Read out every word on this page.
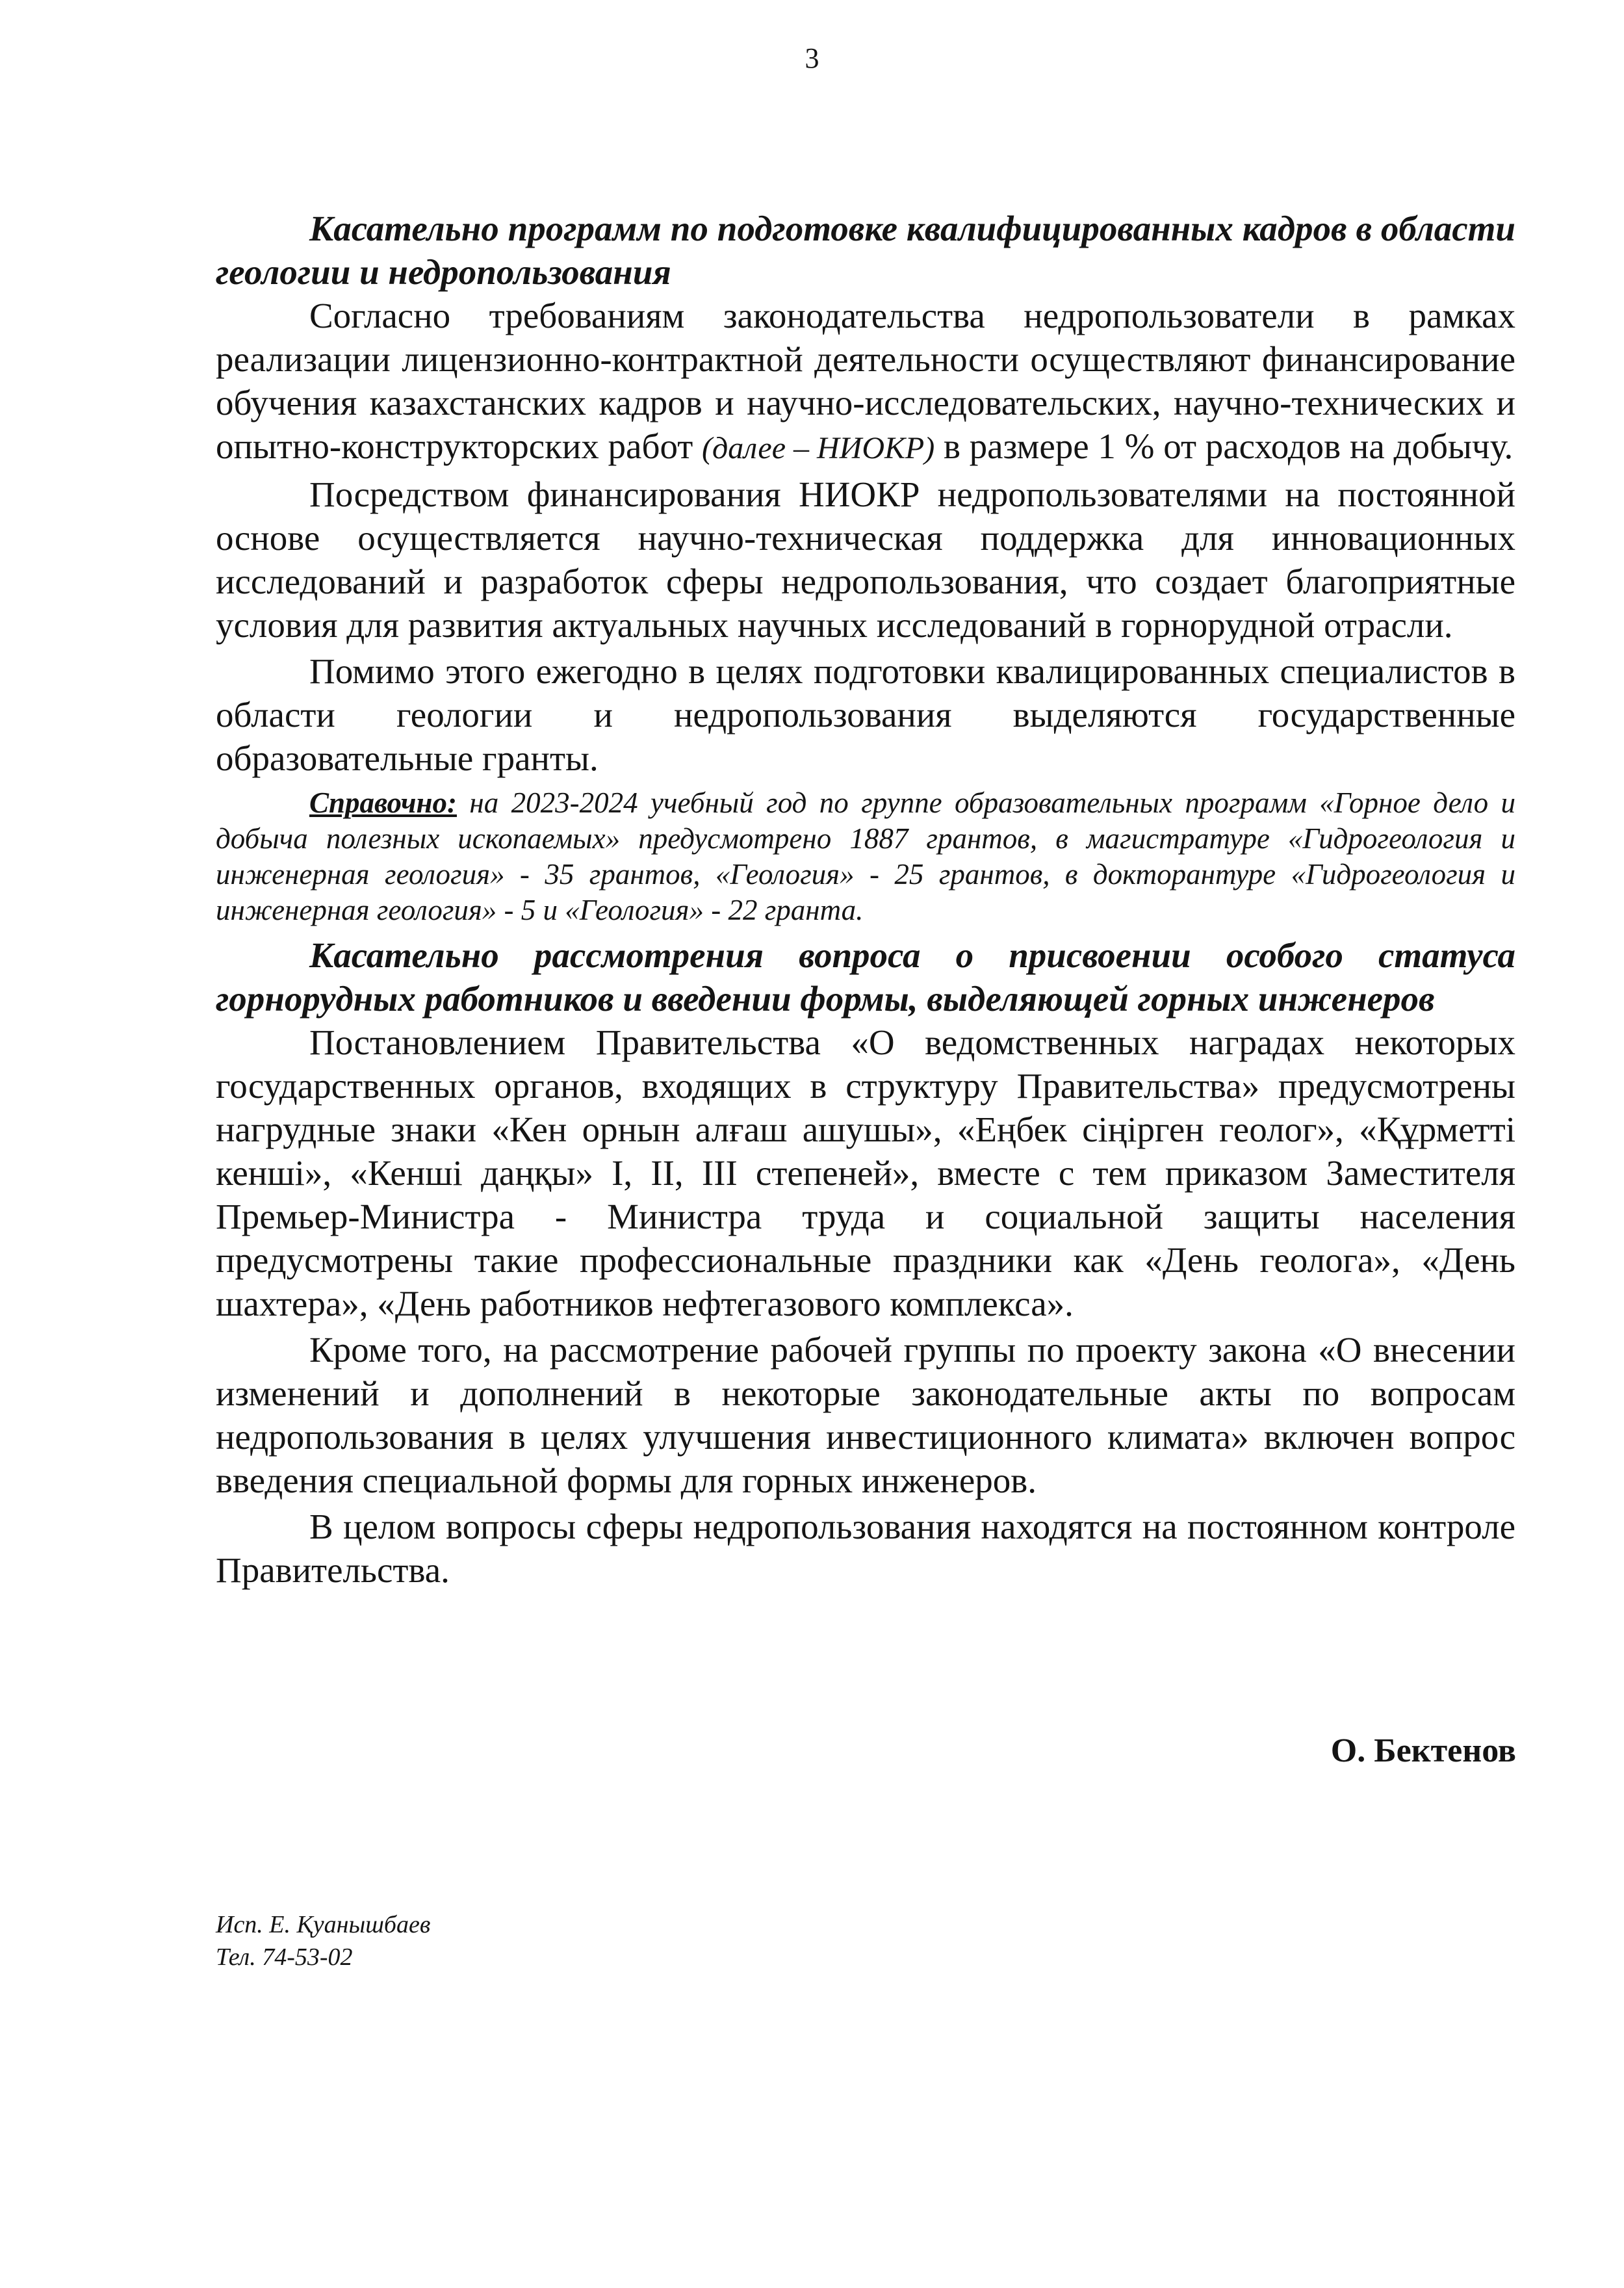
3

Касательно программ по подготовке квалифицированных кадров в области геологии и недропользования

Согласно требованиям законодательства недропользователи в рамках реализации лицензионно-контрактной деятельности осуществляют финансирование обучения казахстанских кадров и научно-исследовательских, научно-технических и опытно-конструкторских работ (далее – НИОКР) в размере 1 % от расходов на добычу.

Посредством финансирования НИОКР недропользователями на постоянной основе осуществляется научно-техническая поддержка для инновационных исследований и разработок сферы недропользования, что создает благоприятные условия для развития актуальных научных исследований в горнорудной отрасли.

Помимо этого ежегодно в целях подготовки квалицированных специалистов в области геологии и недропользования выделяются государственные образовательные гранты.

Справочно: на 2023-2024 учебный год по группе образовательных программ «Горное дело и добыча полезных ископаемых» предусмотрено 1887 грантов, в магистратуре «Гидрогеология и инженерная геология» - 35 грантов, «Геология» - 25 грантов, в докторантуре «Гидрогеология и инженерная геология» - 5 и «Геология» - 22 гранта.

Касательно рассмотрения вопроса о присвоении особого статуса горнорудных работников и введении формы, выделяющей горных инженеров

Постановлением Правительства «О ведомственных наградах некоторых государственных органов, входящих в структуру Правительства» предусмотрены нагрудные знаки «Кен орнын алғаш ашушы», «Еңбек сіңірген геолог», «Құрметті кенші», «Кенші даңқы» I, II, III степеней», вместе с тем приказом Заместителя Премьер-Министра - Министра труда и социальной защиты населения предусмотрены такие профессиональные праздники как «День геолога», «День шахтера», «День работников нефтегазового комплекса».

Кроме того, на рассмотрение рабочей группы по проекту закона «О внесении изменений и дополнений в некоторые законодательные акты по вопросам недропользования в целях улучшения инвестиционного климата» включен вопрос введения специальной формы для горных инженеров.

В целом вопросы сферы недропользования находятся на постоянном контроле Правительства.

О. Бектенов
Исп. Е. Қуанышбаев
Тел. 74-53-02
